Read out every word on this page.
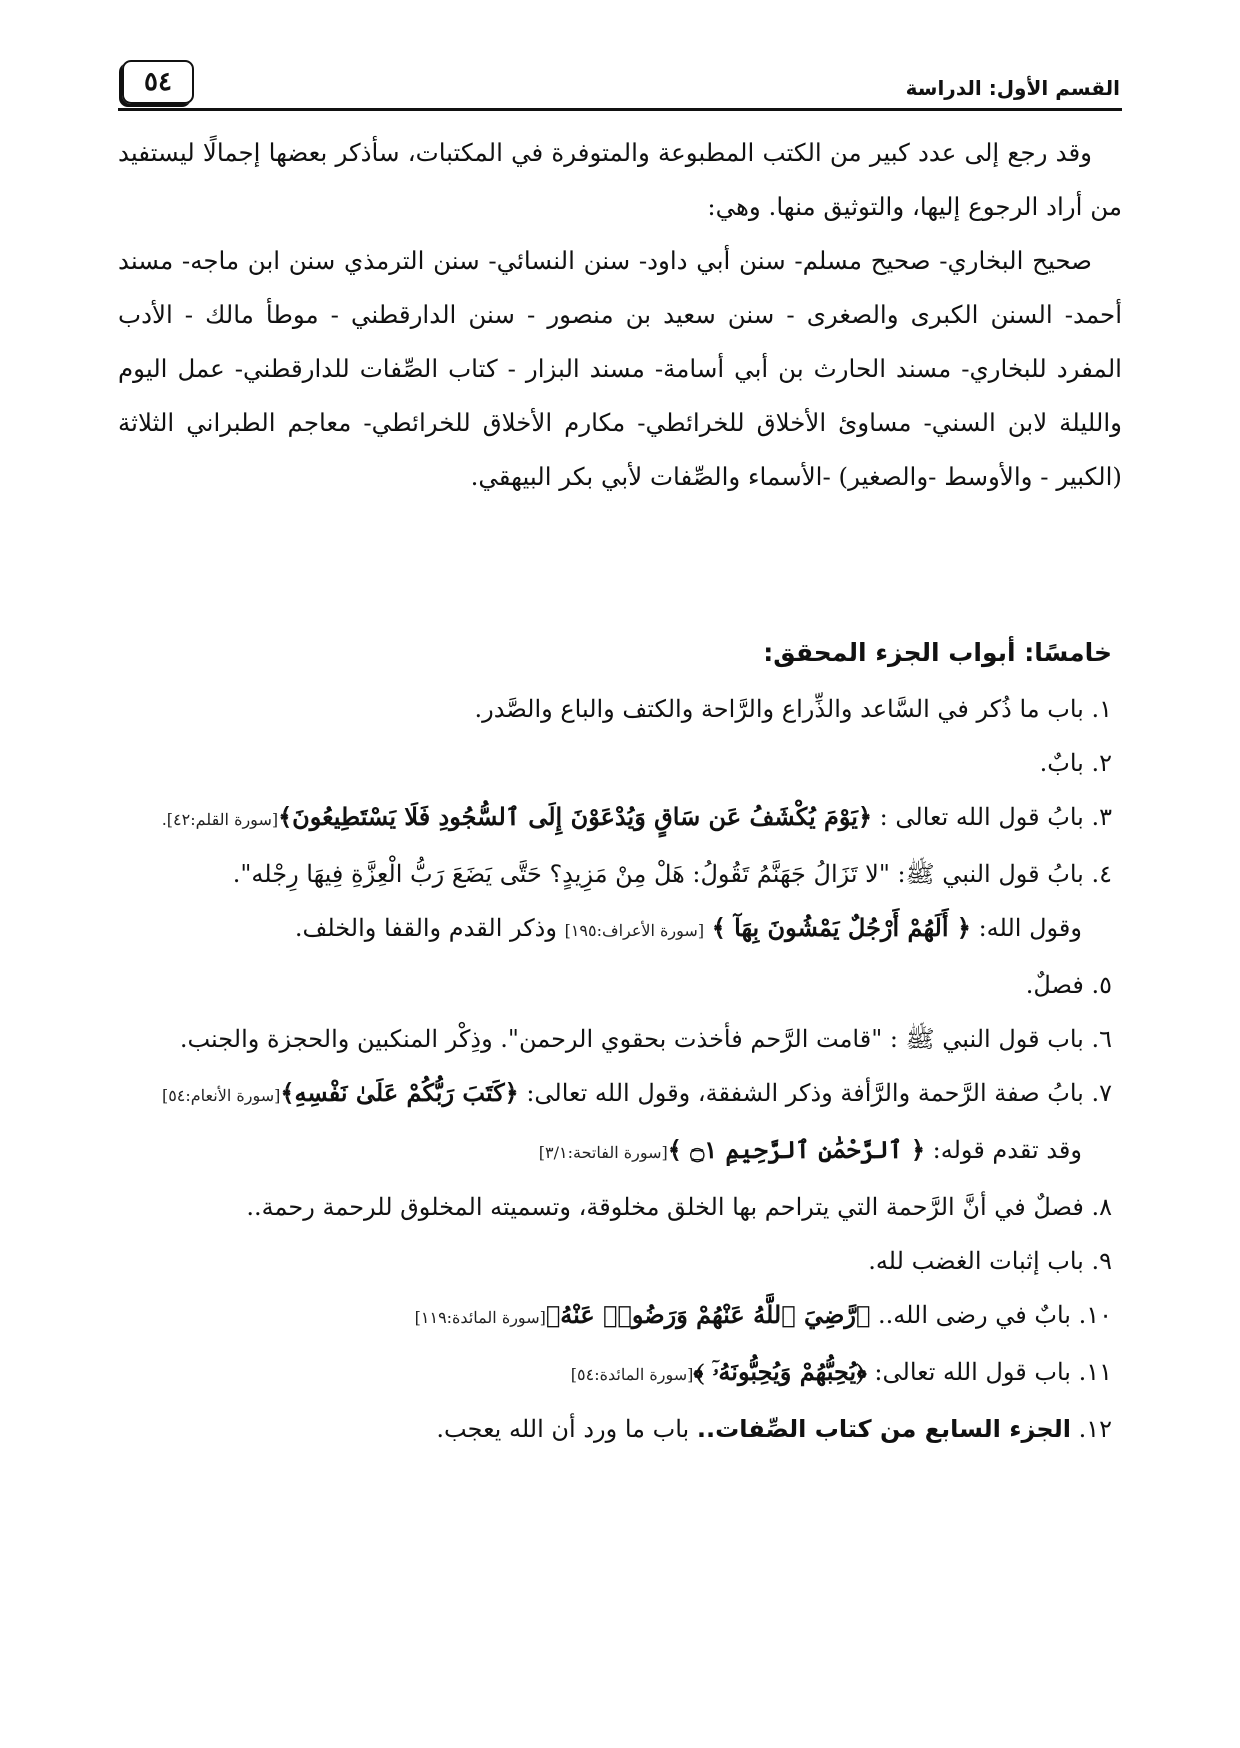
القسم الأول: الدراسة
٥٤

وقد رجع إلى عدد كبير من الكتب المطبوعة والمتوفرة في المكتبات، سأذكر بعضها إجمالًا ليستفيد من أراد الرجوع إليها، والتوثيق منها. وهي:

صحيح البخاري- صحيح مسلم- سنن أبي داود- سنن النسائي- سنن الترمذي سنن ابن ماجه- مسند أحمد- السنن الكبرى والصغرى - سنن سعيد بن منصور - سنن الدارقطني - موطأ مالك - الأدب المفرد للبخاري- مسند الحارث بن أبي أسامة- مسند البزار - كتاب الصِّفات للدارقطني- عمل اليوم والليلة لابن السني- مساوئ الأخلاق للخرائطي- مكارم الأخلاق للخرائطي- معاجم الطبراني الثلاثة (الكبير - والأوسط -والصغير) -الأسماء والصِّفات لأبي بكر البيهقي.

خامسًا: أبواب الجزء المحقق:
١. باب ما ذُكر في السَّاعد والذِّراع والرَّاحة والكتف والباع والصَّدر.
٢. بابٌ.
٣. بابُ قول الله تعالى : ﴿يَوْمَ يُكْشَفُ عَن سَاقٍ وَيُدْعَوْنَ إِلَى ٱلسُّجُودِ فَلَا يَسْتَطِيعُونَ﴾[سورة القلم:٤٢].
٤. بابُ قول النبي ﷺ: "لا تَزَالُ جَهَنَّمُ تَقُولُ: هَلْ مِنْ مَزِيدٍ؟ حَتَّى يَضَعَ رَبُّ الْعِزَّةِ فِيهَا رِجْله".
وقول الله: ﴿ أَلَهُمْ أَرْجُلٌ يَمْشُونَ بِهَآ ﴾ [سورة الأعراف:١٩٥] وذكر القدم والقفا والخلف.
٥. فصلٌ.
٦. باب قول النبي ﷺ : "قامت الرَّحم فأخذت بحقوي الرحمن". وذِكْر المنكبين والحجزة والجنب.
٧. بابُ صفة الرَّحمة والرَّأفة وذكر الشفقة، وقول الله تعالى: ﴿كَتَبَ رَبُّكُمْ عَلَىٰ نَفْسِهِ﴾[سورة الأنعام:٥٤]
وقد تقدم قوله: ﴿ ٱلرَّحْمَٰنِ ٱلرَّحِيمِ ۝١ ﴾[سورة الفاتحة:٣/١]
٨. فصلٌ في أنَّ الرَّحمة التي يتراحم بها الخلق مخلوقة، وتسميته المخلوق للرحمة رحمة..
٩. باب إثبات الغضب لله.
١٠. بابٌ في رضى الله.. ﴿رَّضِيَ ٱللَّهُ عَنْهُمْ وَرَضُوا۟ عَنْهُ﴾[سورة المائدة:١١٩]
١١. باب قول الله تعالى: ﴿يُحِبُّهُمْ وَيُحِبُّونَهُۥٓ ﴾[سورة المائدة:٥٤]
١٢. الجزء السابع من كتاب الصِّفات.. باب ما ورد أن الله يعجب.
